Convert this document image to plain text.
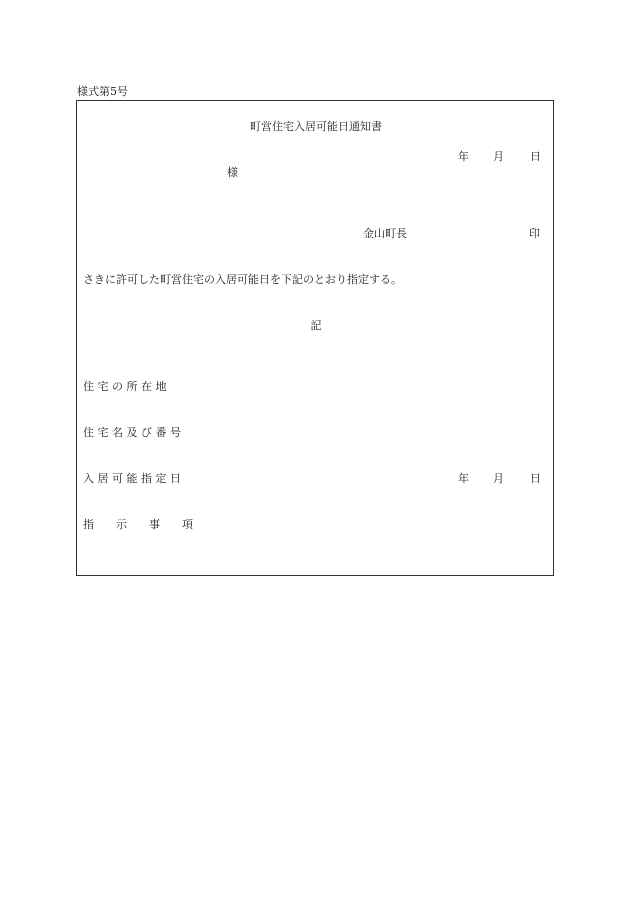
様式第5号
町営住宅入居可能日通知書
年 月 日
様
金山町長	印
さきに許可した町営住宅の入居可能日を下記のとおり指定する。
記
住 宅 の 所 在 地
住 宅 名 及 び 番 号
入 居 可 能 指 定 日	年 月 日
指　　示　　事　　項
